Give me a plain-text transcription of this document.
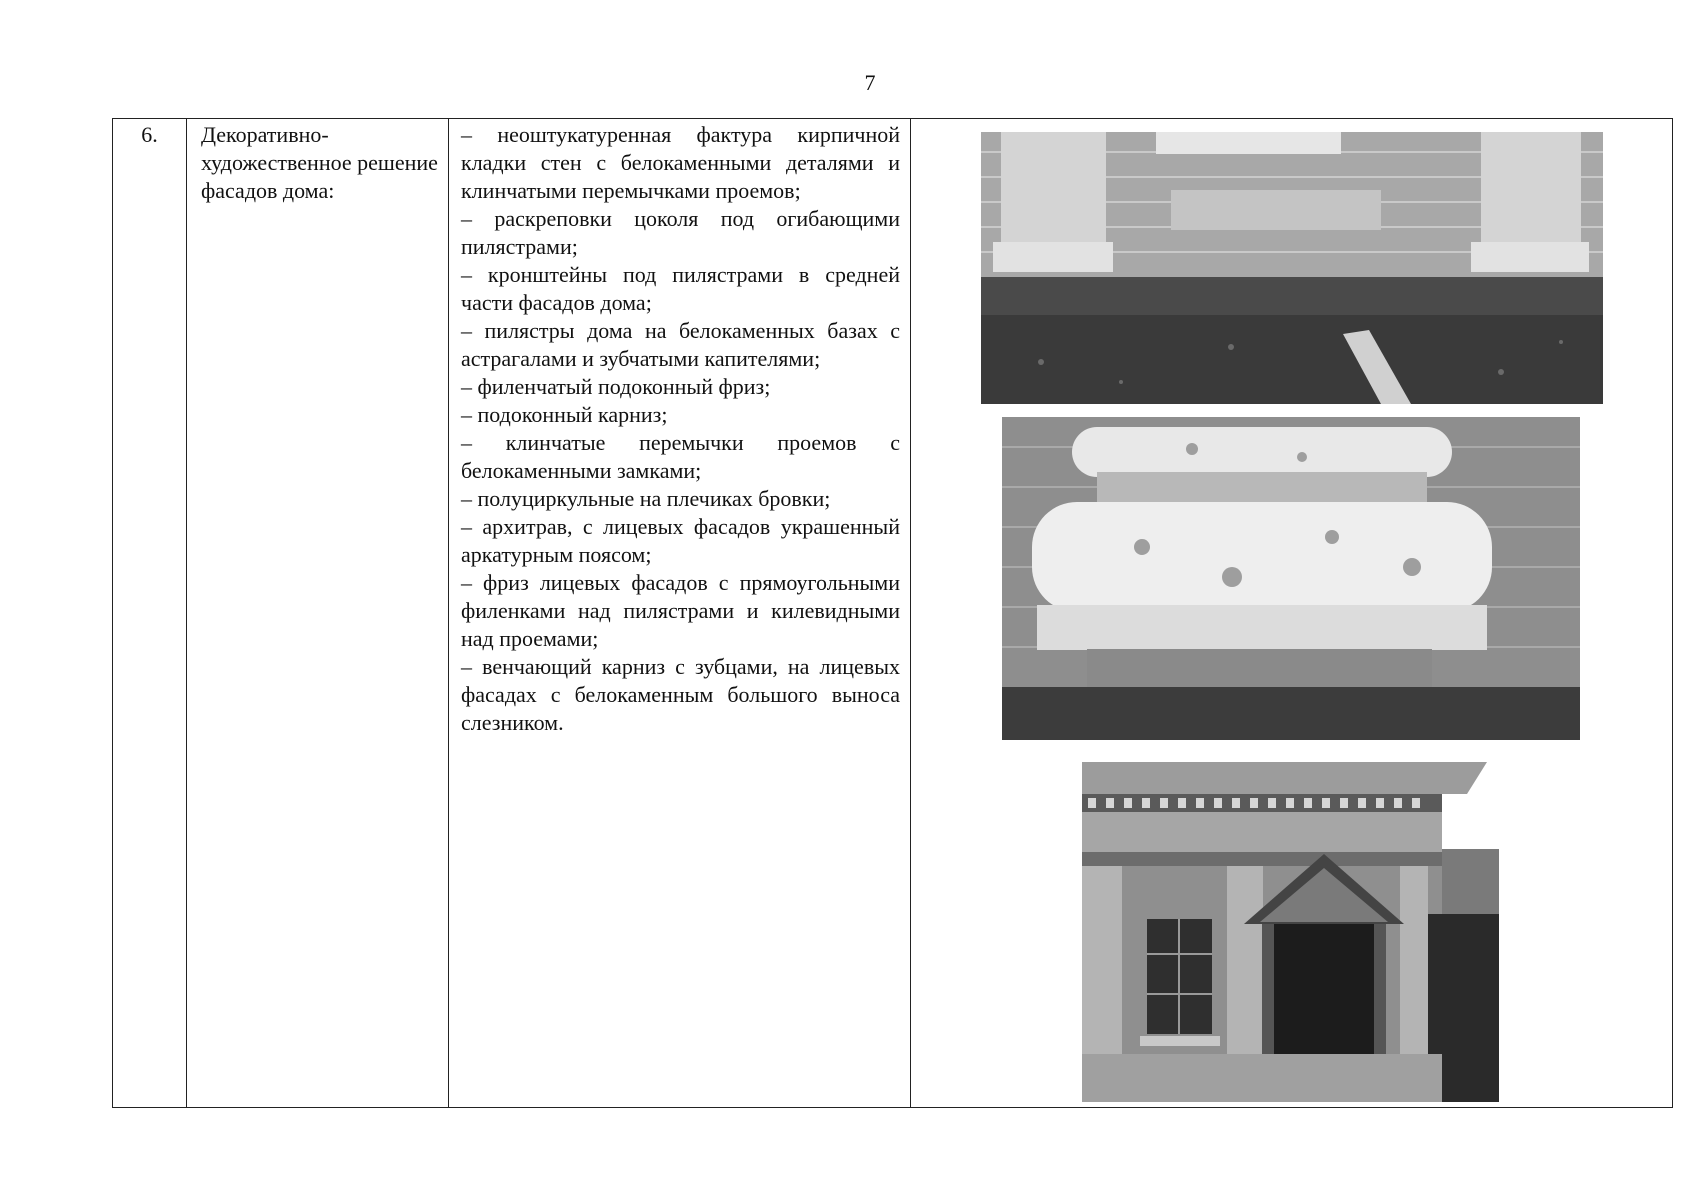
7
6.	Декоративно-художественное решение фасадов дома:	
– неоштукатуренная фактура кирпичной кладки стен с белокаменными деталями и клинчатыми перемычками проемов;
– раскреповки цоколя под огибающими пилястрами;
– кронштейны под пилястрами в средней части фасадов дома;
– пилястры дома на белокаменных базах с астрагалами и зубчатыми капителями;
– филенчатый подоконный фриз;
– подоконный карниз;
– клинчатые перемычки проемов с белокаменными замками;
– полуциркульные на плечиках бровки;
– архитрав, с лицевых фасадов украшенный аркатурным поясом;
– фриз лицевых фасадов с прямоугольными филенками над пилястрами и килевидными над проемами;
– венчающий карниз с зубцами, на лицевых фасадах с белокаменным большого выноса слезником.
